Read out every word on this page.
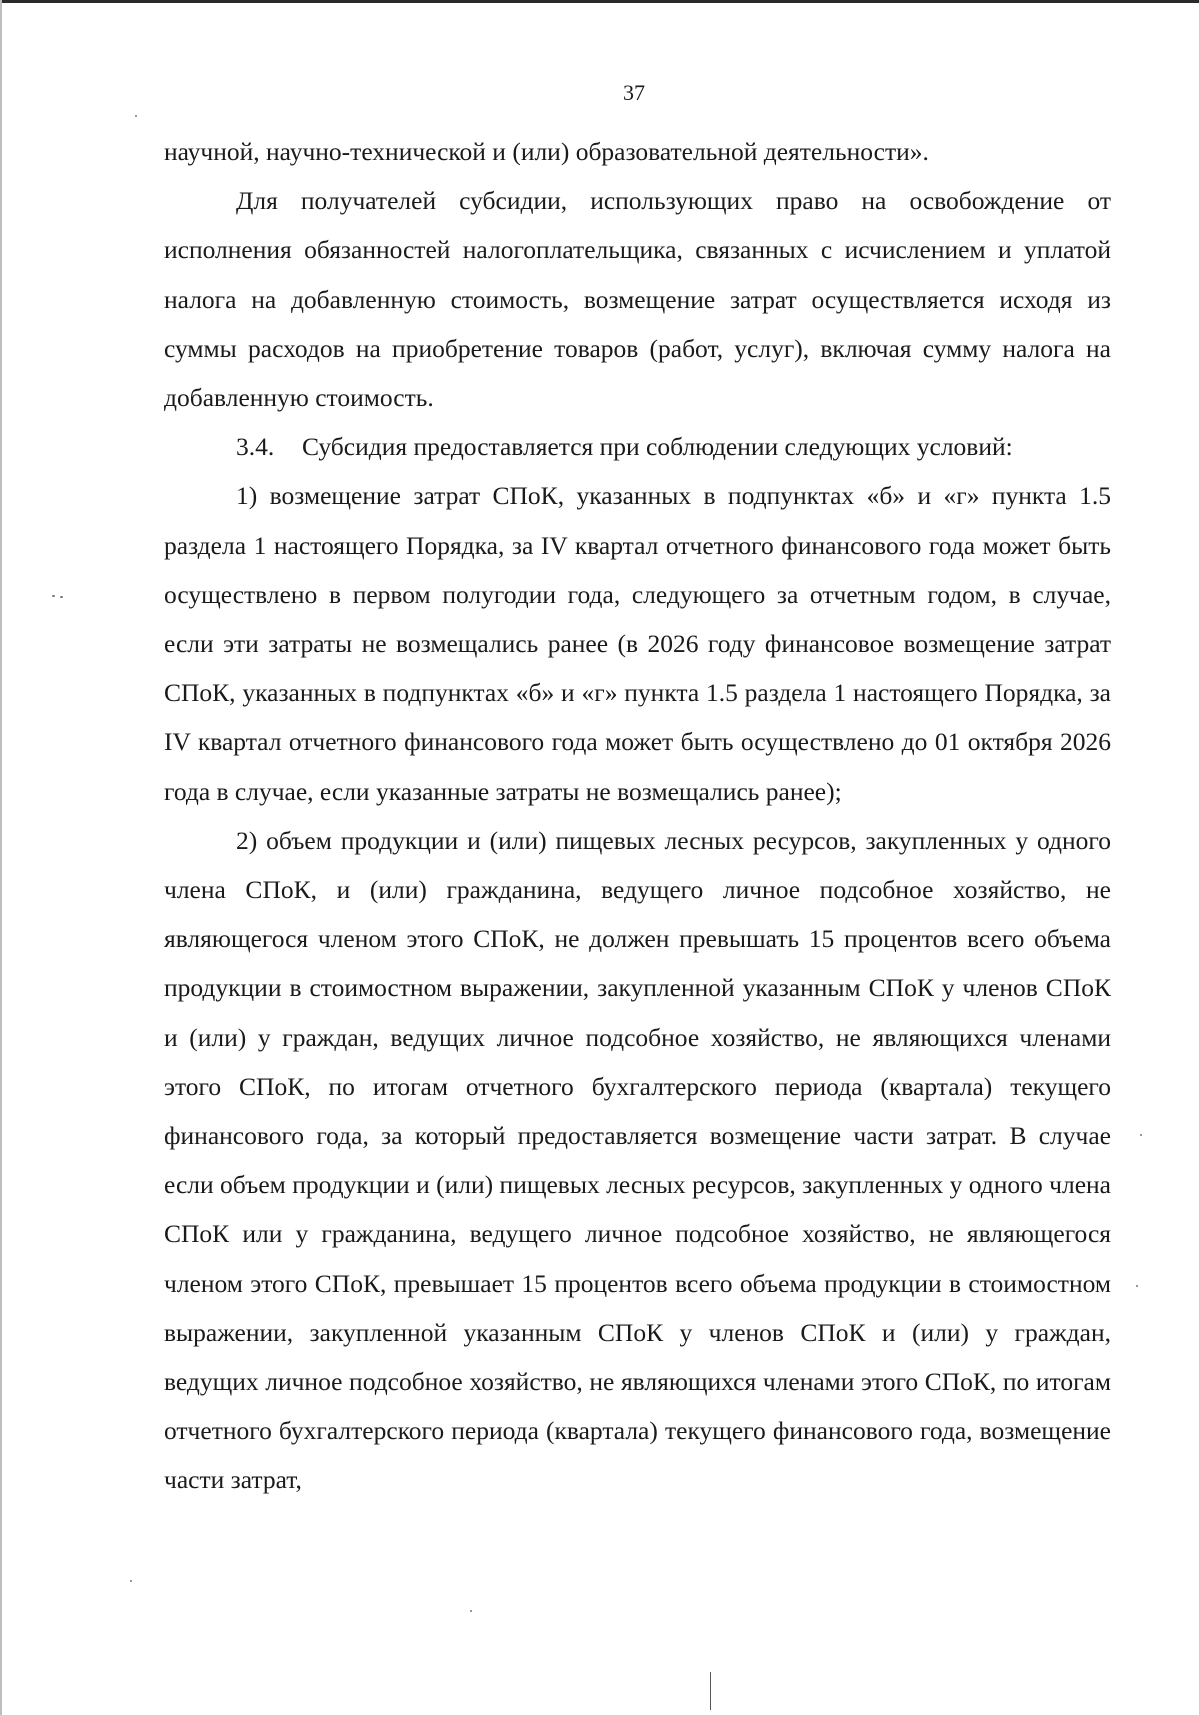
37

научной, научно-технической и (или) образовательной деятельности».

Для получателей субсидии, использующих право на освобождение от исполнения обязанностей налогоплательщика, связанных с исчислением и уплатой налога на добавленную стоимость, возмещение затрат осуществляется исходя из суммы расходов на приобретение товаров (работ, услуг), включая сумму налога на добавленную стоимость.

3.4. Субсидия предоставляется при соблюдении следующих условий:

1) возмещение затрат СПоК, указанных в подпунктах «б» и «г» пункта 1.5 раздела 1 настоящего Порядка, за IV квартал отчетного финансового года может быть осуществлено в первом полугодии года, следующего за отчетным годом, в случае, если эти затраты не возмещались ранее (в 2026 году финансовое возмещение затрат СПоК, указанных в подпунктах «б» и «г» пункта 1.5 раздела 1 настоящего Порядка, за IV квартал отчетного финансового года может быть осуществлено до 01 октября 2026 года в случае, если указанные затраты не возмещались ранее);

2) объем продукции и (или) пищевых лесных ресурсов, закупленных у одного члена СПоК, и (или) гражданина, ведущего личное подсобное хозяйство, не являющегося членом этого СПоК, не должен превышать 15 процентов всего объема продукции в стоимостном выражении, закупленной указанным СПоК у членов СПоК и (или) у граждан, ведущих личное подсобное хозяйство, не являющихся членами этого СПоК, по итогам отчетного бухгалтерского периода (квартала) текущего финансового года, за который предоставляется возмещение части затрат. В случае если объем продукции и (или) пищевых лесных ресурсов, закупленных у одного члена СПоК или у гражданина, ведущего личное подсобное хозяйство, не являющегося членом этого СПоК, превышает 15 процентов всего объема продукции в стоимостном выражении, закупленной указанным СПоК у членов СПоК и (или) у граждан, ведущих личное подсобное хозяйство, не являющихся членами этого СПоК, по итогам отчетного бухгалтерского периода (квартала) текущего финансового года, возмещение части затрат,
